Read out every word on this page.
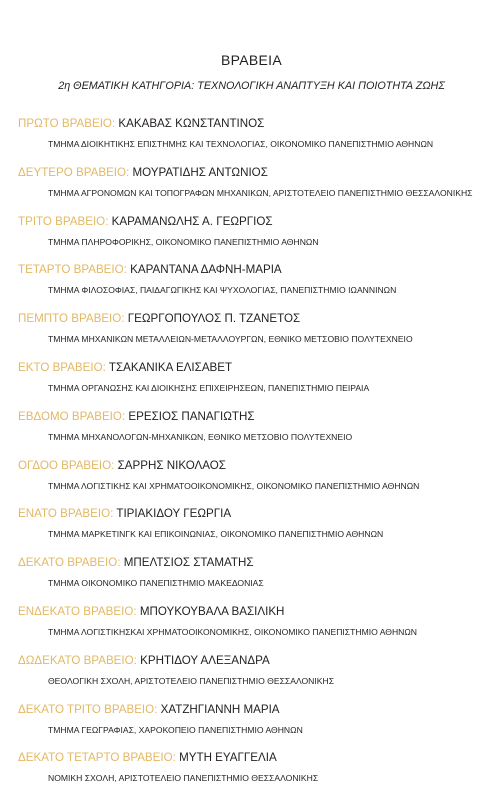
ΒΡΑΒΕΙΑ
2η ΘΕΜΑΤΙΚΗ ΚΑΤΗΓΟΡΙΑ: ΤΕΧΝΟΛΟΓΙΚΗ ΑΝΑΠΤΥΞΗ ΚΑΙ ΠΟΙΟΤΗΤΑ ΖΩΗΣ
ΠΡΩΤΟ ΒΡΑΒΕΙΟ: ΚΑΚΑΒΑΣ ΚΩΝΣΤΑΝΤΙΝΟΣ
ΤΜΗΜΑ ΔΙΟΙΚΗΤΙΚΗΣ ΕΠΙΣΤΗΜΗΣ ΚΑΙ ΤΕΧΝΟΛΟΓΙΑΣ, ΟΙΚΟΝΟΜΙΚΟ ΠΑΝΕΠΙΣΤΗΜΙΟ ΑΘΗΝΩΝ
ΔΕΥΤΕΡΟ ΒΡΑΒΕΙΟ: ΜΟΥΡΑΤΙΔΗΣ ΑΝΤΩΝΙΟΣ
ΤΜΗΜΑ ΑΓΡΟΝΟΜΩΝ ΚΑΙ ΤΟΠΟΓΡΑΦΩΝ ΜΗΧΑΝΙΚΩΝ, ΑΡΙΣΤΟΤΕΛΕΙΟ ΠΑΝΕΠΙΣΤΗΜΙΟ ΘΕΣΣΑΛΟΝΙΚΗΣ
ΤΡΙΤΟ ΒΡΑΒΕΙΟ: ΚΑΡΑΜΑΝΩΛΗΣ Α. ΓΕΩΡΓΙΟΣ
ΤΜΗΜΑ ΠΛΗΡΟΦΟΡΙΚΗΣ, ΟΙΚΟΝΟΜΙΚΟ ΠΑΝΕΠΙΣΤΗΜΙΟ ΑΘΗΝΩΝ
ΤΕΤΑΡΤΟ ΒΡΑΒΕΙΟ: ΚΑΡΑΝΤΑΝΑ ΔΑΦΝΗ-ΜΑΡΙΑ
ΤΜΗΜΑ ΦΙΛΟΣΟΦΙΑΣ, ΠΑΙΔΑΓΩΓΙΚΗΣ ΚΑΙ ΨΥΧΟΛΟΓΙΑΣ, ΠΑΝΕΠΙΣΤΗΜΙΟ ΙΩΑΝΝΙΝΩΝ
ΠΕΜΠΤΟ ΒΡΑΒΕΙΟ: ΓΕΩΡΓΟΠΟΥΛΟΣ Π. ΤΖΑΝΕΤΟΣ
ΤΜΗΜΑ ΜΗΧΑΝΙΚΩΝ ΜΕΤΑΛΛΕΙΩΝ-ΜΕΤΑΛΛΟΥΡΓΩΝ, ΕΘΝΙΚΟ ΜΕΤΣΟΒΙΟ ΠΟΛΥΤΕΧΝΕΙΟ
ΕΚΤΟ ΒΡΑΒΕΙΟ: ΤΣΑΚΑΝΙΚΑ ΕΛΙΣΑΒΕΤ
ΤΜΗΜΑ ΟΡΓΑΝΩΣΗΣ ΚΑΙ ΔΙΟΙΚΗΣΗΣ ΕΠΙΧΕΙΡΗΣΕΩΝ, ΠΑΝΕΠΙΣΤΗΜΙΟ ΠΕΙΡΑΙΑ
ΕΒΔΟΜΟ ΒΡΑΒΕΙΟ: ΕΡΕΣΙΟΣ ΠΑΝΑΓΙΩΤΗΣ
ΤΜΗΜΑ ΜΗΧΑΝΟΛΟΓΩΝ-ΜΗΧΑΝΙΚΩΝ, ΕΘΝΙΚΟ ΜΕΤΣΟΒΙΟ ΠΟΛΥΤΕΧΝΕΙΟ
ΟΓΔΟΟ ΒΡΑΒΕΙΟ: ΣΑΡΡΗΣ ΝΙΚΟΛΑΟΣ
ΤΜΗΜΑ ΛΟΓΙΣΤΙΚΗΣ ΚΑΙ ΧΡΗΜΑΤΟΟΙΚΟΝΟΜΙΚΗΣ, ΟΙΚΟΝΟΜΙΚΟ ΠΑΝΕΠΙΣΤΗΜΙΟ ΑΘΗΝΩΝ
ΕΝΑΤΟ ΒΡΑΒΕΙΟ: ΤΙΡΙΑΚΙΔΟΥ ΓΕΩΡΓΙΑ
ΤΜΗΜΑ ΜΑΡΚΕΤΙΝΓΚ ΚΑΙ ΕΠΙΚΟΙΝΩΝΙΑΣ, ΟΙΚΟΝΟΜΙΚΟ ΠΑΝΕΠΙΣΤΗΜΙΟ ΑΘΗΝΩΝ
ΔΕΚΑΤΟ ΒΡΑΒΕΙΟ: ΜΠΕΛΤΣΙΟΣ ΣΤΑΜΑΤΗΣ
ΤΜΗΜΑ ΟΙΚΟΝΟΜΙΚΟ ΠΑΝΕΠΙΣΤΗΜΙΟ ΜΑΚΕΔΟΝΙΑΣ
ΕΝΔΕΚΑΤΟ ΒΡΑΒΕΙΟ: ΜΠΟΥΚΟΥΒΑΛΑ ΒΑΣΙΛΙΚΗ
ΤΜΗΜΑ ΛΟΓΙΣΤΙΚΗΣΚΑΙ ΧΡΗΜΑΤΟΟΙΚΟΝΟΜΙΚΗΣ, ΟΙΚΟΝΟΜΙΚΟ ΠΑΝΕΠΙΣΤΗΜΙΟ ΑΘΗΝΩΝ
ΔΩΔΕΚΑΤΟ ΒΡΑΒΕΙΟ: ΚΡΗΤΙΔΟΥ ΑΛΕΞΑΝΔΡΑ
ΘΕΟΛΟΓΙΚΗ ΣΧΟΛΗ, ΑΡΙΣΤΟΤΕΛΕΙΟ ΠΑΝΕΠΙΣΤΗΜΙΟ ΘΕΣΣΑΛΟΝΙΚΗΣ
ΔΕΚΑΤΟ ΤΡΙΤΟ ΒΡΑΒΕΙΟ: ΧΑΤΖΗΓΙΑΝΝΗ ΜΑΡΙΑ
ΤΜΗΜΑ ΓΕΩΓΡΑΦΙΑΣ, ΧΑΡΟΚΟΠΕΙΟ ΠΑΝΕΠΙΣΤΗΜΙΟ ΑΘΗΝΩΝ
ΔΕΚΑΤΟ ΤΕΤΑΡΤΟ ΒΡΑΒΕΙΟ: ΜΥΤΗ ΕΥΑΓΓΕΛΙΑ
ΝΟΜΙΚΗ ΣΧΟΛΗ, ΑΡΙΣΤΟΤΕΛΕΙΟ ΠΑΝΕΠΙΣΤΗΜΙΟ ΘΕΣΣΑΛΟΝΙΚΗΣ
